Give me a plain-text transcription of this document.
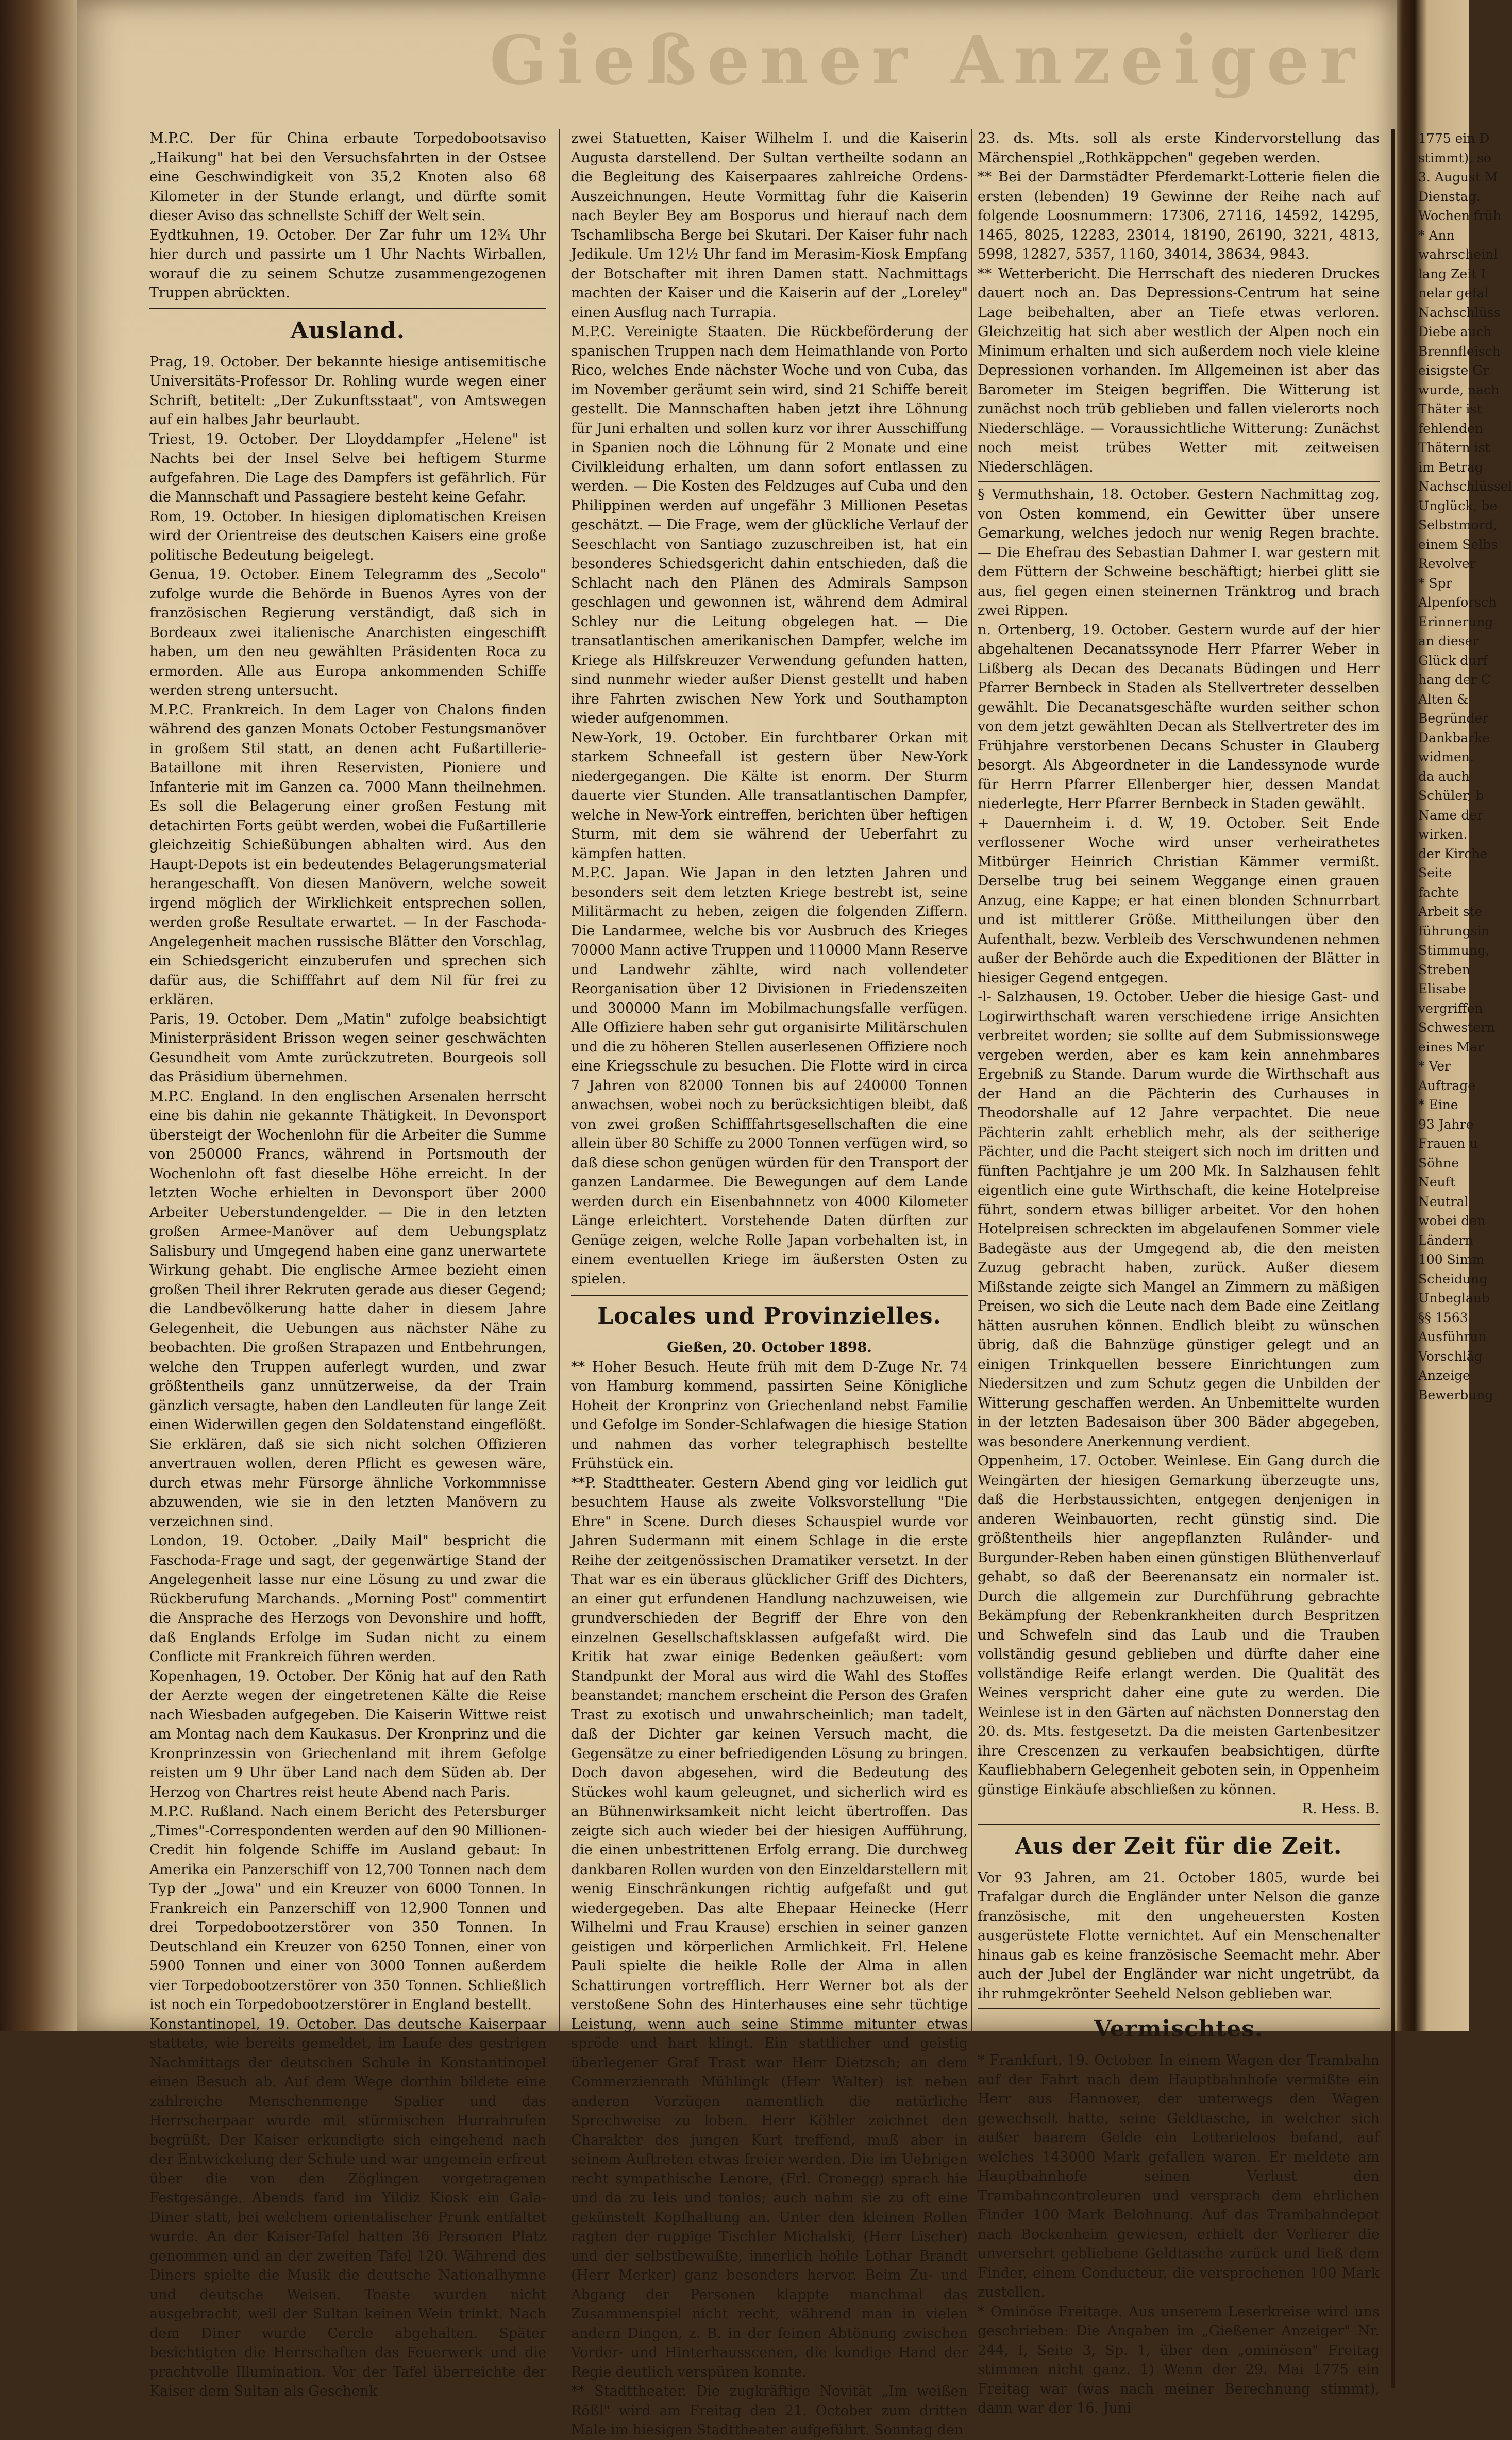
Gießener Anzeiger

M.P.C. Der für China erbaute Torpedobootsaviso „Haikung" hat bei den Versuchsfahrten in der Ostsee eine Geschwindigkeit von 35,2 Knoten also 68 Kilometer in der Stunde erlangt, und dürfte somit dieser Aviso das schnellste Schiff der Welt sein.

Eydtkuhnen, 19. October. Der Zar fuhr um 12¾ Uhr hier durch und passirte um 1 Uhr Nachts Wirballen, worauf die zu seinem Schutze zusammengezogenen Truppen abrückten.

Ausland.

Prag, 19. October. Der bekannte hiesige antisemitische Universitäts-Professor Dr. Rohling wurde wegen einer Schrift, betitelt: „Der Zukunftsstaat", von Amtswegen auf ein halbes Jahr beurlaubt.

Triest, 19. October. Der Lloyddampfer „Helene" ist Nachts bei der Insel Selve bei heftigem Sturme aufgefahren. Die Lage des Dampfers ist gefährlich. Für die Mannschaft und Passagiere besteht keine Gefahr.

Rom, 19. October. In hiesigen diplomatischen Kreisen wird der Orientreise des deutschen Kaisers eine große politische Bedeutung beigelegt.

Genua, 19. October. Einem Telegramm des „Secolo" zufolge wurde die Behörde in Buenos Ayres von der französischen Regierung verständigt, daß sich in Bordeaux zwei italienische Anarchisten eingeschifft haben, um den neu gewählten Präsidenten Roca zu ermorden. Alle aus Europa ankommenden Schiffe werden streng untersucht.

M.P.C. Frankreich. In dem Lager von Chalons finden während des ganzen Monats October Festungsmanöver in großem Stil statt, an denen acht Fußartillerie-Bataillone mit ihren Reservisten, Pioniere und Infanterie mit im Ganzen ca. 7000 Mann theilnehmen. Es soll die Belagerung einer großen Festung mit detachirten Forts geübt werden, wobei die Fußartillerie gleichzeitig Schießübungen abhalten wird. Aus den Haupt-Depots ist ein bedeutendes Belagerungsmaterial herangeschafft. Von diesen Manövern, welche soweit irgend möglich der Wirklichkeit entsprechen sollen, werden große Resultate erwartet. — In der Faschoda-Angelegenheit machen russische Blätter den Vorschlag, ein Schiedsgericht einzuberufen und sprechen sich dafür aus, die Schifffahrt auf dem Nil für frei zu erklären.

Paris, 19. October. Dem „Matin" zufolge beabsichtigt Ministerpräsident Brisson wegen seiner geschwächten Gesundheit vom Amte zurückzutreten. Bourgeois soll das Präsidium übernehmen.

M.P.C. England. In den englischen Arsenalen herrscht eine bis dahin nie gekannte Thätigkeit. In Devonsport übersteigt der Wochenlohn für die Arbeiter die Summe von 250000 Francs, während in Portsmouth der Wochenlohn oft fast dieselbe Höhe erreicht. In der letzten Woche erhielten in Devonsport über 2000 Arbeiter Ueberstundengelder. — Die in den letzten großen Armee-Manöver auf dem Uebungsplatz Salisbury und Umgegend haben eine ganz unerwartete Wirkung gehabt. Die englische Armee bezieht einen großen Theil ihrer Rekruten gerade aus dieser Gegend; die Landbevölkerung hatte daher in diesem Jahre Gelegenheit, die Uebungen aus nächster Nähe zu beobachten. Die großen Strapazen und Entbehrungen, welche den Truppen auferlegt wurden, und zwar größtentheils ganz unnützerweise, da der Train gänzlich versagte, haben den Landleuten für lange Zeit einen Widerwillen gegen den Soldatenstand eingeflößt. Sie erklären, daß sie sich nicht solchen Offizieren anvertrauen wollen, deren Pflicht es gewesen wäre, durch etwas mehr Fürsorge ähnliche Vorkommnisse abzuwenden, wie sie in den letzten Manövern zu verzeichnen sind.

London, 19. October. „Daily Mail" bespricht die Faschoda-Frage und sagt, der gegenwärtige Stand der Angelegenheit lasse nur eine Lösung zu und zwar die Rückberufung Marchands. „Morning Post" commentirt die Ansprache des Herzogs von Devonshire und hofft, daß Englands Erfolge im Sudan nicht zu einem Conflicte mit Frankreich führen werden.

Kopenhagen, 19. October. Der König hat auf den Rath der Aerzte wegen der eingetretenen Kälte die Reise nach Wiesbaden aufgegeben. Die Kaiserin Wittwe reist am Montag nach dem Kaukasus. Der Kronprinz und die Kronprinzessin von Griechenland mit ihrem Gefolge reisten um 9 Uhr über Land nach dem Süden ab. Der Herzog von Chartres reist heute Abend nach Paris.

M.P.C. Rußland. Nach einem Bericht des Petersburger „Times"-Correspondenten werden auf den 90 Millionen-Credit hin folgende Schiffe im Ausland gebaut: In Amerika ein Panzerschiff von 12,700 Tonnen nach dem Typ der „Jowa" und ein Kreuzer von 6000 Tonnen. In Frankreich ein Panzerschiff von 12,900 Tonnen und drei Torpedobootzerstörer von 350 Tonnen. In Deutschland ein Kreuzer von 6250 Tonnen, einer von 5900 Tonnen und einer von 3000 Tonnen außerdem vier Torpedobootzerstörer von 350 Tonnen. Schließlich ist noch ein Torpedobootzerstörer in England bestellt.

Konstantinopel, 19. October. Das deutsche Kaiserpaar stattete, wie bereits gemeldet, im Laufe des gestrigen Nachmittags der deutschen Schule in Konstantinopel einen Besuch ab. Auf dem Wege dorthin bildete eine zahlreiche Menschenmenge Spalier und das Herrscherpaar wurde mit stürmischen Hurrahrufen begrüßt. Der Kaiser erkundigte sich eingehend nach der Entwickelung der Schule und war ungemein erfreut über die von den Zöglingen vorgetragenen Festgesänge. Abends fand im Yildiz Kiosk ein Gala-Diner statt, bei welchem orientalischer Prunk entfaltet wurde. An der Kaiser-Tafel hatten 36 Personen Platz genommen und an der zweiten Tafel 120. Während des Diners spielte die Musik die deutsche Nationalhymne und deutsche Weisen. Toaste wurden nicht ausgebracht, weil der Sultan keinen Wein trinkt. Nach dem Diner wurde Cercle abgehalten. Später besichtigten die Herrschaften das Feuerwerk und die prachtvolle Illumination. Vor der Tafel überreichte der Kaiser dem Sultan als Geschenk

zwei Statuetten, Kaiser Wilhelm I. und die Kaiserin Augusta darstellend. Der Sultan vertheilte sodann an die Begleitung des Kaiserpaares zahlreiche Ordens-Auszeichnungen. Heute Vormittag fuhr die Kaiserin nach Beyler Bey am Bosporus und hierauf nach dem Tschamlibscha Berge bei Skutari. Der Kaiser fuhr nach Jedikule. Um 12½ Uhr fand im Merasim-Kiosk Empfang der Botschafter mit ihren Damen statt. Nachmittags machten der Kaiser und die Kaiserin auf der „Loreley" einen Ausflug nach Turrapia.

M.P.C. Vereinigte Staaten. Die Rückbeförderung der spanischen Truppen nach dem Heimathlande von Porto Rico, welches Ende nächster Woche und von Cuba, das im November geräumt sein wird, sind 21 Schiffe bereit gestellt. Die Mannschaften haben jetzt ihre Löhnung für Juni erhalten und sollen kurz vor ihrer Ausschiffung in Spanien noch die Löhnung für 2 Monate und eine Civilkleidung erhalten, um dann sofort entlassen zu werden. — Die Kosten des Feldzuges auf Cuba und den Philippinen werden auf ungefähr 3 Millionen Pesetas geschätzt. — Die Frage, wem der glückliche Verlauf der Seeschlacht von Santiago zuzuschreiben ist, hat ein besonderes Schiedsgericht dahin entschieden, daß die Schlacht nach den Plänen des Admirals Sampson geschlagen und gewonnen ist, während dem Admiral Schley nur die Leitung obgelegen hat. — Die transatlantischen amerikanischen Dampfer, welche im Kriege als Hilfskreuzer Verwendung gefunden hatten, sind nunmehr wieder außer Dienst gestellt und haben ihre Fahrten zwischen New York und Southampton wieder aufgenommen.

New-York, 19. October. Ein furchtbarer Orkan mit starkem Schneefall ist gestern über New-York niedergegangen. Die Kälte ist enorm. Der Sturm dauerte vier Stunden. Alle transatlantischen Dampfer, welche in New-York eintreffen, berichten über heftigen Sturm, mit dem sie während der Ueberfahrt zu kämpfen hatten.

M.P.C. Japan. Wie Japan in den letzten Jahren und besonders seit dem letzten Kriege bestrebt ist, seine Militärmacht zu heben, zeigen die folgenden Ziffern. Die Landarmee, welche bis vor Ausbruch des Krieges 70000 Mann active Truppen und 110000 Mann Reserve und Landwehr zählte, wird nach vollendeter Reorganisation über 12 Divisionen in Friedenszeiten und 300000 Mann im Mobilmachungsfalle verfügen. Alle Offiziere haben sehr gut organisirte Militärschulen und die zu höheren Stellen auserlesenen Offiziere noch eine Kriegsschule zu besuchen. Die Flotte wird in circa 7 Jahren von 82000 Tonnen bis auf 240000 Tonnen anwachsen, wobei noch zu berücksichtigen bleibt, daß von zwei großen Schifffahrtsgesellschaften die eine allein über 80 Schiffe zu 2000 Tonnen verfügen wird, so daß diese schon genügen würden für den Transport der ganzen Landarmee. Die Bewegungen auf dem Lande werden durch ein Eisenbahnnetz von 4000 Kilometer Länge erleichtert. Vorstehende Daten dürften zur Genüge zeigen, welche Rolle Japan vorbehalten ist, in einem eventuellen Kriege im äußersten Osten zu spielen.

Locales und Provinzielles.

Gießen, 20. October 1898.

** Hoher Besuch. Heute früh mit dem D-Zuge Nr. 74 von Hamburg kommend, passirten Seine Königliche Hoheit der Kronprinz von Griechenland nebst Familie und Gefolge im Sonder-Schlafwagen die hiesige Station und nahmen das vorher telegraphisch bestellte Frühstück ein.

**P. Stadttheater. Gestern Abend ging vor leidlich gut besuchtem Hause als zweite Volksvorstellung "Die Ehre" in Scene. Durch dieses Schauspiel wurde vor Jahren Sudermann mit einem Schlage in die erste Reihe der zeitgenössischen Dramatiker versetzt. In der That war es ein überaus glücklicher Griff des Dichters, an einer gut erfundenen Handlung nachzuweisen, wie grundverschieden der Begriff der Ehre von den einzelnen Gesellschaftsklassen aufgefaßt wird. Die Kritik hat zwar einige Bedenken geäußert: vom Standpunkt der Moral aus wird die Wahl des Stoffes beanstandet; manchem erscheint die Person des Grafen Trast zu exotisch und unwahrscheinlich; man tadelt, daß der Dichter gar keinen Versuch macht, die Gegensätze zu einer befriedigenden Lösung zu bringen. Doch davon abgesehen, wird die Bedeutung des Stückes wohl kaum geleugnet, und sicherlich wird es an Bühnenwirksamkeit nicht leicht übertroffen. Das zeigte sich auch wieder bei der hiesigen Aufführung, die einen unbestrittenen Erfolg errang. Die durchweg dankbaren Rollen wurden von den Einzeldarstellern mit wenig Einschränkungen richtig aufgefaßt und gut wiedergegeben. Das alte Ehepaar Heinecke (Herr Wilhelmi und Frau Krause) erschien in seiner ganzen geistigen und körperlichen Armlichkeit. Frl. Helene Pauli spielte die heikle Rolle der Alma in allen Schattirungen vortrefflich. Herr Werner bot als der verstoßene Sohn des Hinterhauses eine sehr tüchtige Leistung, wenn auch seine Stimme mitunter etwas spröde und hart klingt. Ein stattlicher und geistig überlegener Graf Trast war Herr Dietzsch; an dem Commerzienrath Mühlingk (Herr Walter) ist neben anderen Vorzügen namentlich die natürliche Sprechweise zu loben. Herr Köhler zeichnet den Charakter des jungen Kurt treffend, muß aber in seinem Auftreten etwas freier werden. Die im Uebrigen recht sympathische Lenore, (Frl. Cronegg) sprach hie und da zu leis und tonlos; auch nahm sie zu oft eine gekünstelt Kopfhaltung an. Unter den kleinen Rollen ragten der ruppige Tischler Michalski, (Herr Lischer) und der selbstbewußte, innerlich hohle Lothar Brandt (Herr Merker) ganz besonders hervor. Beim Zu- und Abgang der Personen klappte manchmal das Zusammenspiel nicht recht, während man in vielen andern Dingen, z. B. in der feinen Abtönung zwischen Vorder- und Hinterhausscenen, die kundige Hand der Regie deutlich verspüren konnte.

** Stadttheater. Die zugkräftige Novität „Im weißen Rößl" wird am Freitag den 21. October zum dritten Male im hiesigen Stadttheater aufgeführt. Sonntag den

23. ds. Mts. soll als erste Kindervorstellung das Märchenspiel „Rothkäppchen" gegeben werden.

** Bei der Darmstädter Pferdemarkt-Lotterie fielen die ersten (lebenden) 19 Gewinne der Reihe nach auf folgende Loosnummern: 17306, 27116, 14592, 14295, 1465, 8025, 12283, 23014, 18190, 26190, 3221, 4813, 5998, 12827, 5357, 1160, 34014, 38634, 9843.

** Wetterbericht. Die Herrschaft des niederen Druckes dauert noch an. Das Depressions-Centrum hat seine Lage beibehalten, aber an Tiefe etwas verloren. Gleichzeitig hat sich aber westlich der Alpen noch ein Minimum erhalten und sich außerdem noch viele kleine Depressionen vorhanden. Im Allgemeinen ist aber das Barometer im Steigen begriffen. Die Witterung ist zunächst noch trüb geblieben und fallen vielerorts noch Niederschläge. — Voraussichtliche Witterung: Zunächst noch meist trübes Wetter mit zeitweisen Niederschlägen.

§ Vermuthshain, 18. October. Gestern Nachmittag zog, von Osten kommend, ein Gewitter über unsere Gemarkung, welches jedoch nur wenig Regen brachte. — Die Ehefrau des Sebastian Dahmer I. war gestern mit dem Füttern der Schweine beschäftigt; hierbei glitt sie aus, fiel gegen einen steinernen Tränktrog und brach zwei Rippen.

n. Ortenberg, 19. October. Gestern wurde auf der hier abgehaltenen Decanatssynode Herr Pfarrer Weber in Lißberg als Decan des Decanats Büdingen und Herr Pfarrer Bernbeck in Staden als Stellvertreter desselben gewählt. Die Decanatsgeschäfte wurden seither schon von dem jetzt gewählten Decan als Stellvertreter des im Frühjahre verstorbenen Decans Schuster in Glauberg besorgt. Als Abgeordneter in die Landessynode wurde für Herrn Pfarrer Ellenberger hier, dessen Mandat niederlegte, Herr Pfarrer Bernbeck in Staden gewählt.

+ Dauernheim i. d. W, 19. October. Seit Ende verflossener Woche wird unser verheirathetes Mitbürger Heinrich Christian Kämmer vermißt. Derselbe trug bei seinem Weggange einen grauen Anzug, eine Kappe; er hat einen blonden Schnurrbart und ist mittlerer Größe. Mittheilungen über den Aufenthalt, bezw. Verbleib des Verschwundenen nehmen außer der Behörde auch die Expeditionen der Blätter in hiesiger Gegend entgegen.

-l- Salzhausen, 19. October. Ueber die hiesige Gast- und Logirwirthschaft waren verschiedene irrige Ansichten verbreitet worden; sie sollte auf dem Submissionswege vergeben werden, aber es kam kein annehmbares Ergebniß zu Stande. Darum wurde die Wirthschaft aus der Hand an die Pächterin des Curhauses in Theodorshalle auf 12 Jahre verpachtet. Die neue Pächterin zahlt erheblich mehr, als der seitherige Pächter, und die Pacht steigert sich noch im dritten und fünften Pachtjahre je um 200 Mk. In Salzhausen fehlt eigentlich eine gute Wirthschaft, die keine Hotelpreise führt, sondern etwas billiger arbeitet. Vor den hohen Hotelpreisen schreckten im abgelaufenen Sommer viele Badegäste aus der Umgegend ab, die den meisten Zuzug gebracht haben, zurück. Außer diesem Mißstande zeigte sich Mangel an Zimmern zu mäßigen Preisen, wo sich die Leute nach dem Bade eine Zeitlang hätten ausruhen können. Endlich bleibt zu wünschen übrig, daß die Bahnzüge günstiger gelegt und an einigen Trinkquellen bessere Einrichtungen zum Niedersitzen und zum Schutz gegen die Unbilden der Witterung geschaffen werden. An Unbemittelte wurden in der letzten Badesaison über 300 Bäder abgegeben, was besondere Anerkennung verdient.

Oppenheim, 17. October. Weinlese. Ein Gang durch die Weingärten der hiesigen Gemarkung überzeugte uns, daß die Herbstaussichten, entgegen denjenigen in anderen Weinbauorten, recht günstig sind. Die größtentheils hier angepflanzten Rulânder- und Burgunder-Reben haben einen günstigen Blüthenverlauf gehabt, so daß der Beerenansatz ein normaler ist. Durch die allgemein zur Durchführung gebrachte Bekämpfung der Rebenkrankheiten durch Bespritzen und Schwefeln sind das Laub und die Trauben vollständig gesund geblieben und dürfte daher eine vollständige Reife erlangt werden. Die Qualität des Weines verspricht daher eine gute zu werden. Die Weinlese ist in den Gärten auf nächsten Donnerstag den 20. ds. Mts. festgesetzt. Da die meisten Gartenbesitzer ihre Crescenzen zu verkaufen beabsichtigen, dürfte Kaufliebhabern Gelegenheit geboten sein, in Oppenheim günstige Einkäufe abschließen zu können.

R. Hess. B.

Aus der Zeit für die Zeit.

Vor 93 Jahren, am 21. October 1805, wurde bei Trafalgar durch die Engländer unter Nelson die ganze französische, mit den ungeheuersten Kosten ausgerüstete Flotte vernichtet. Auf ein Menschenalter hinaus gab es keine französische Seemacht mehr. Aber auch der Jubel der Engländer war nicht ungetrübt, da ihr ruhmgekrönter Seeheld Nelson geblieben war.

Vermischtes.

* Frankfurt, 19. October. In einem Wagen der Trambahn auf der Fahrt nach dem Hauptbahnhofe vermißte ein Herr aus Hannover, der unterwegs den Wagen gewechselt hatte, seine Geldtasche, in welcher sich außer baarem Gelde ein Lotterieloos befand, auf welches 143000 Mark gefallen waren. Er meldete am Hauptbahnhofe seinen Verlust den Trambahncontroleuren und versprach dem ehrlichen Finder 100 Mark Belohnung. Auf das Trambahndepot nach Bockenheim gewiesen, erhielt der Verlierer die unversehrt gebliebene Geldtasche zurück und ließ dem Finder, einem Conducteur, die versprochenen 100 Mark zustellen.

* Ominöse Freitage. Aus unserem Leserkreise wird uns geschrieben: Die Angaben im „Gießener Anzeiger" Nr. 244, I, Seite 3, Sp. 1, über den „ominösen" Freitag stimmen nicht ganz. 1) Wenn der 29. Mai 1775 ein Freitag war (was nach meiner Berechnung stimmt), dann war der 16. Juni

1775 ein D
stimmt), so
3. August M
Dienstag.
Wochen früh
* Ann
wahrscheinl
lang Zeit I
nelar gefal
Nachschlüss
Diebe auch
Brennfleisch
eisigste Gr
wurde, nach
Thäter ist
fehlenden
Thätern ist
im Betrag
Nachschlüssel
Unglück, be
Selbstmord,
einem Selbs
Revolver
* Spr
Alpenforsch
Erinnerung
an dieser
Glück durf
hang der C
Alten &
Begründer
Dankbarke
widmen.
da auch
Schüler, b
Name der
wirken.
der Kirche
Seite
fachte
Arbeit ste
führungsin
Stimmung,
Streben
Elisabe
vergriffen
Schwestern
eines Mar
* Ver
Auftrage
* Eine
93 Jahre
Frauen u
Söhne
Neuft
Neutral
wobei den
Ländern
100 Simm
Scheidung
Unbeglaub
§§ 1563
Ausführun
Vorschläg
Anzeige
Bewerbung
